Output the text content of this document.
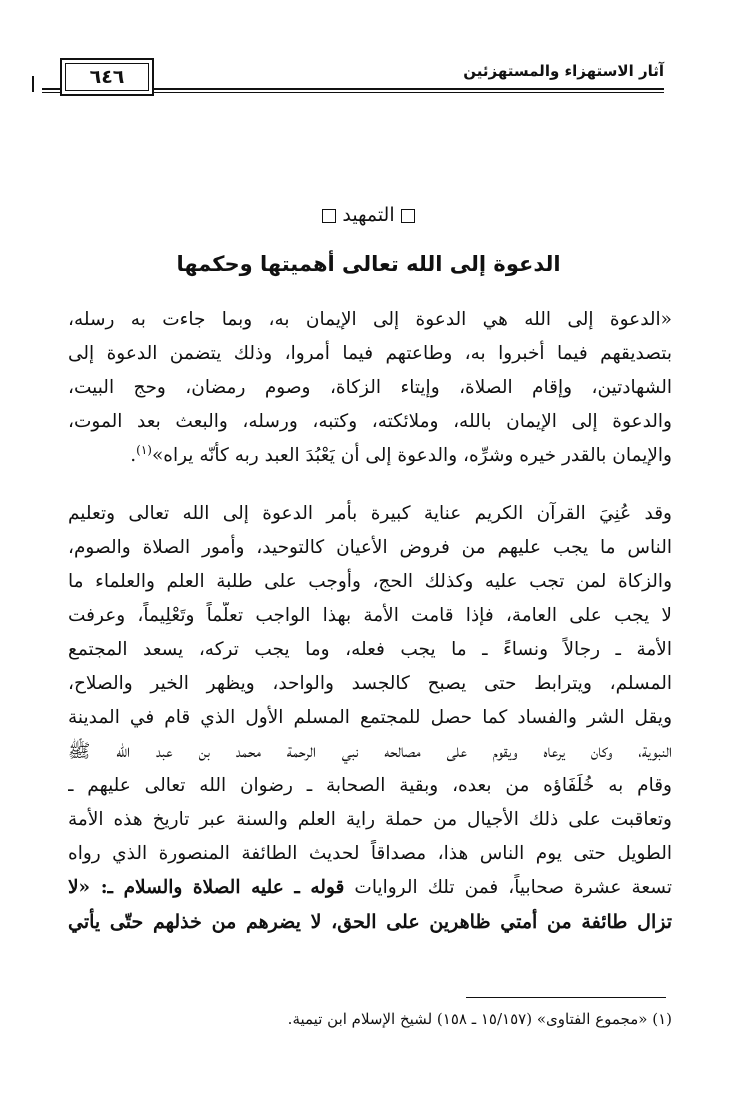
آثار الاستهزاء والمستهزئين
٦٤٦
التمهيد
الدعوة إلى الله تعالى أهميتها وحكمها
«الدعوة إلى الله هي الدعوة إلى الإيمان به، وبما جاءت به رسله،
بتصديقهم فيما أخبروا به، وطاعتهم فيما أمروا، وذلك يتضمن الدعوة إلى
الشهادتين، وإقام الصلاة، وإيتاء الزكاة، وصوم رمضان، وحج البيت،
والدعوة إلى الإيمان بالله، وملائكته، وكتبه، ورسله، والبعث بعد الموت،
والإيمان بالقدر خيره وشرِّه، والدعوة إلى أن يَعْبُدَ العبد ربه كأنّه يراه»$^{(١)}$.
وقد عُنِيَ القرآن الكريم عناية كبيرة بأمر الدعوة إلى الله تعالى وتعليم
الناس ما يجب عليهم من فروض الأعيان كالتوحيد، وأمور الصلاة والصوم،
والزكاة لمن تجب عليه وكذلك الحج، وأوجب على طلبة العلم والعلماء ما
لا يجب على العامة، فإذا قامت الأمة بهذا الواجب تعلُّماً وتَعْلِيماً، وعرفت
الأمة ـ رجالاً ونساءً ـ ما يجب فعله، وما يجب تركه، يسعد المجتمع
المسلم، ويترابط حتى يصبح كالجسد والواحد، ويظهر الخير والصلاح،
ويقل الشر والفساد كما حصل للمجتمع المسلم الأول الذي قام في المدينة
النبوية، وكان يرعاه ويقوم على مصالحه نبي الرحمة محمد بن عبد الله ﷺ
وقام به خُلَفَاؤه من بعده، وبقية الصحابة ـ رضوان الله تعالى عليهم ـ
وتعاقبت على ذلك الأجيال من حملة راية العلم والسنة عبر تاريخ هذه الأمة
الطويل حتى يوم الناس هذا، مصداقاً لحديث الطائفة المنصورة الذي رواه
تسعة عشرة صحابياً، فمن تلك الروايات قوله ـ عليه الصلاة والسلام ـ: «لا
تزال طائفة من أمتي ظاهرين على الحق، لا يضرهم من خذلهم حتّى يأْتي
(١) «مجموع الفتاوى» (١٥/١٥٧ ـ ١٥٨) لشيخ الإسلام ابن تيمية.
